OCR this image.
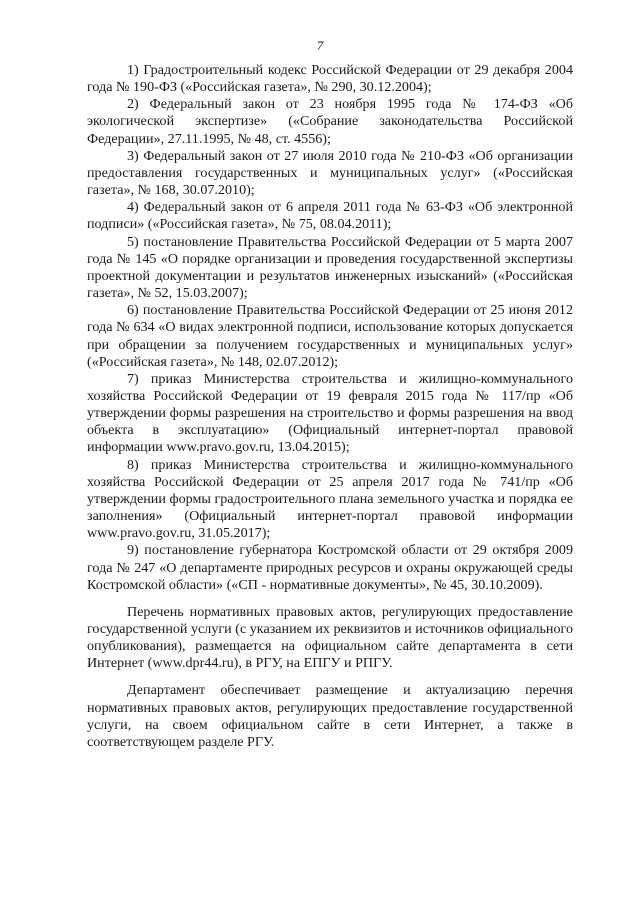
7

1) Градостроительный кодекс Российской Федерации от 29 декабря 2004 года № 190-ФЗ («Российская газета», № 290, 30.12.2004);

2) Федеральный закон от 23 ноября 1995 года № 174-ФЗ «Об экологической экспертизе» («Собрание законодательства Российской Федерации», 27.11.1995, № 48, ст. 4556);

3) Федеральный закон от 27 июля 2010 года № 210-ФЗ «Об организации предоставления государственных и муниципальных услуг» («Российская газета», № 168, 30.07.2010);

4) Федеральный закон от 6 апреля 2011 года № 63-ФЗ «Об электронной подписи» («Российская газета», № 75, 08.04.2011);

5) постановление Правительства Российской Федерации от 5 марта 2007 года № 145 «О порядке организации и проведения государственной экспертизы проектной документации и результатов инженерных изысканий» («Российская газета», № 52, 15.03.2007);

6) постановление Правительства Российской Федерации от 25 июня 2012 года № 634 «О видах электронной подписи, использование которых допускается при обращении за получением государственных и муниципальных услуг» («Российская газета», № 148, 02.07.2012);

7) приказ Министерства строительства и жилищно-коммунального хозяйства Российской Федерации от 19 февраля 2015 года № 117/пр «Об утверждении формы разрешения на строительство и формы разрешения на ввод объекта в эксплуатацию» (Официальный интернет-портал правовой информации www.pravo.gov.ru, 13.04.2015);

8) приказ Министерства строительства и жилищно-коммунального хозяйства Российской Федерации от 25 апреля 2017 года № 741/пр «Об утверждении формы градостроительного плана земельного участка и порядка ее заполнения» (Официальный интернет-портал правовой информации www.pravo.gov.ru, 31.05.2017);

9) постановление губернатора Костромской области от 29 октября 2009 года № 247 «О департаменте природных ресурсов и охраны окружающей среды Костромской области» («СП - нормативные документы», № 45, 30.10.2009).

Перечень нормативных правовых актов, регулирующих предоставление государственной услуги (с указанием их реквизитов и источников официального опубликования), размещается на официальном сайте департамента в сети Интернет (www.dpr44.ru), в РГУ, на ЕПГУ и РПГУ.

Департамент обеспечивает размещение и актуализацию перечня нормативных правовых актов, регулирующих предоставление государственной услуги, на своем официальном сайте в сети Интернет, а также в соответствующем разделе РГУ.
